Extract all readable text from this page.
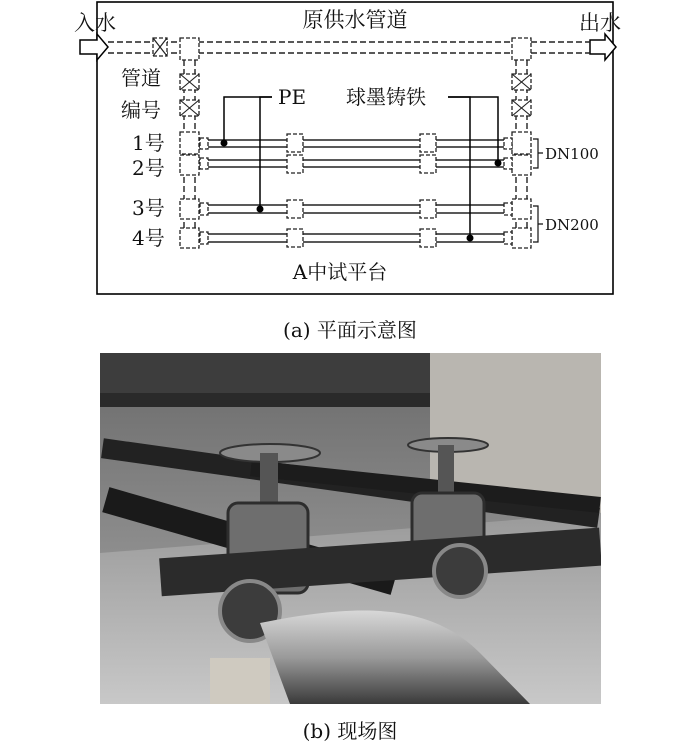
入水	出水
原供水管道
管道
编号
1号
2号
3号
4号
PE 球墨铸铁
DN100
DN200
A中试平台
(a) 平面示意图
(b) 现场图
